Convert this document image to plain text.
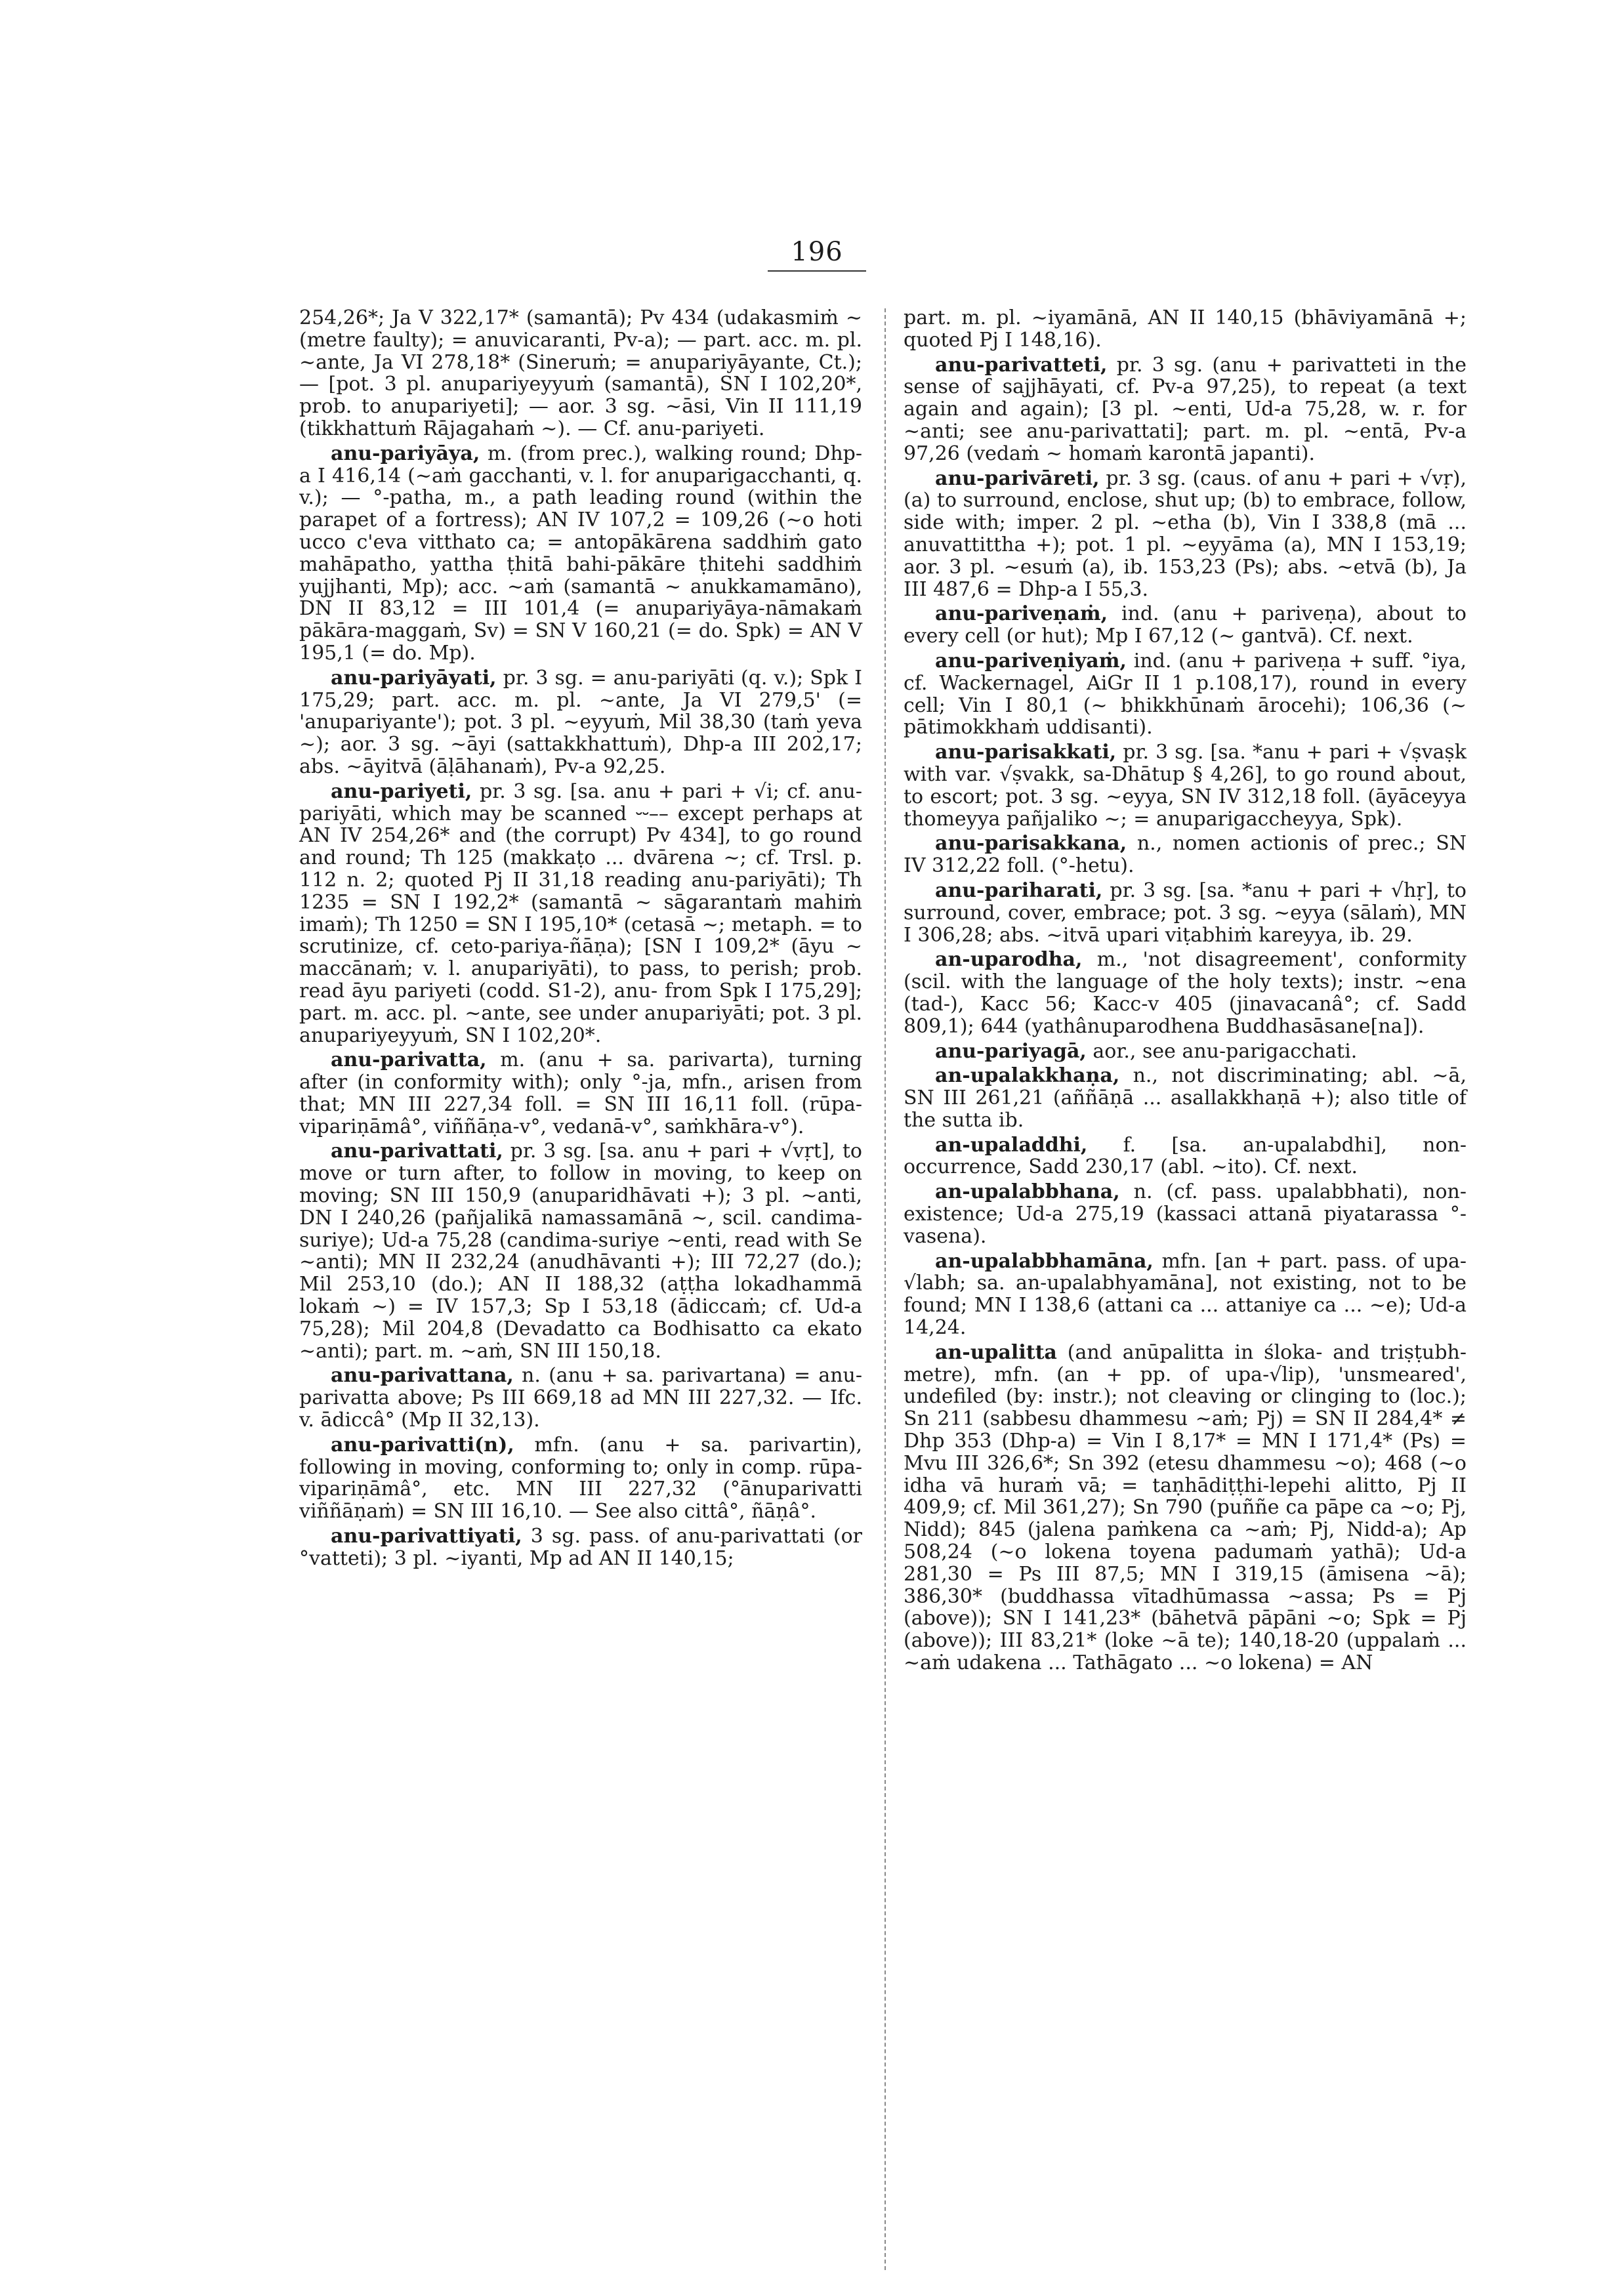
196

254,26*; Ja V 322,17* (samantā); Pv 434 (udakasmiṁ ~ (metre faulty); = anuvicaranti, Pv-a); — part. acc. m. pl. ~ante, Ja VI 278,18* (Sineruṁ; = anupariyāyante, Ct.); — [pot. 3 pl. anupariyeyyuṁ (samantā), SN I 102,20*, prob. to anupariyeti]; — aor. 3 sg. ~āsi, Vin II 111,19 (tikkhattuṁ Rājagahaṁ ~). — Cf. anu-pariyeti.

anu-pariyāya, m. (from prec.), walking round; Dhp-a I 416,14 (~aṁ gacchanti, v. l. for anuparigacchanti, q. v.); — °-patha, m., a path leading round (within the parapet of a fortress); AN IV 107,2 = 109,26 (~o hoti ucco c'eva vitthato ca; = antopākārena saddhiṁ gato mahāpatho, yattha ṭhitā bahi-pākāre ṭhitehi saddhiṁ yujjhanti, Mp); acc. ~aṁ (samantā ~ anukkamamāno), DN II 83,12 = III 101,4 (= anupariyāya-nāmakaṁ pākāra-maggaṁ, Sv) = SN V 160,21 (= do. Spk) = AN V 195,1 (= do. Mp).

anu-pariyāyati, pr. 3 sg. = anu-pariyāti (q. v.); Spk I 175,29; part. acc. m. pl. ~ante, Ja VI 279,5' (= 'anupariyante'); pot. 3 pl. ~eyyuṁ, Mil 38,30 (taṁ yeva ~); aor. 3 sg. ~āyi (sattakkhattuṁ), Dhp-a III 202,17; abs. ~āyitvā (āḷāhanaṁ), Pv-a 92,25.

anu-pariyeti, pr. 3 sg. [sa. anu + pari + √i; cf. anu-pariyāti, which may be scanned ⏑⏑–– except perhaps at AN IV 254,26* and (the corrupt) Pv 434], to go round and round; Th 125 (makkaṭo ... dvārena ~; cf. Trsl. p. 112 n. 2; quoted Pj II 31,18 reading anu-pariyāti); Th 1235 = SN I 192,2* (samantā ~ sāgarantaṁ mahiṁ imaṁ); Th 1250 = SN I 195,10* (cetasā ~; metaph. = to scrutinize, cf. ceto-pariya-ñāṇa); [SN I 109,2* (āyu ~ maccānaṁ; v. l. anupariyāti), to pass, to perish; prob. read āyu pariyeti (codd. S1-2), anu- from Spk I 175,29]; part. m. acc. pl. ~ante, see under anupariyāti; pot. 3 pl. anupariyeyyuṁ, SN I 102,20*.

anu-parivatta, m. (anu + sa. parivarta), turning after (in conformity with); only °-ja, mfn., arisen from that; MN III 227,34 foll. = SN III 16,11 foll. (rūpa-vipariṇāmâ°, viññāṇa-v°, vedanā-v°, saṁkhāra-v°).

anu-parivattati, pr. 3 sg. [sa. anu + pari + √vṛt], to move or turn after, to follow in moving, to keep on moving; SN III 150,9 (anuparidhāvati +); 3 pl. ~anti, DN I 240,26 (pañjalikā namassamānā ~, scil. candima-suriye); Ud-a 75,28 (candima-suriye ~enti, read with Se ~anti); MN II 232,24 (anudhāvanti +); III 72,27 (do.); Mil 253,10 (do.); AN II 188,32 (aṭṭha lokadhammā lokaṁ ~) = IV 157,3; Sp I 53,18 (ādiccaṁ; cf. Ud-a 75,28); Mil 204,8 (Devadatto ca Bodhisatto ca ekato ~anti); part. m. ~aṁ, SN III 150,18.

anu-parivattana, n. (anu + sa. parivartana) = anu-parivatta above; Ps III 669,18 ad MN III 227,32. — Ifc. v. ādiccâ° (Mp II 32,13).

anu-parivatti(n), mfn. (anu + sa. parivartin), following in moving, conforming to; only in comp. rūpa-vipariṇāmâ°, etc. MN III 227,32 (°ānuparivatti viññāṇaṁ) = SN III 16,10. — See also cittâ°, ñāṇâ°.

anu-parivattiyati, 3 sg. pass. of anu-parivattati (or °vatteti); 3 pl. ~iyanti, Mp ad AN II 140,15;

part. m. pl. ~iyamānā, AN II 140,15 (bhāviyamānā +; quoted Pj I 148,16).

anu-parivatteti, pr. 3 sg. (anu + parivatteti in the sense of sajjhāyati, cf. Pv-a 97,25), to repeat (a text again and again); [3 pl. ~enti, Ud-a 75,28, w. r. for ~anti; see anu-parivattati]; part. m. pl. ~entā, Pv-a 97,26 (vedaṁ ~ homaṁ karontā japanti).

anu-parivāreti, pr. 3 sg. (caus. of anu + pari + √vṛ), (a) to surround, enclose, shut up; (b) to embrace, follow, side with; imper. 2 pl. ~etha (b), Vin I 338,8 (mā ... anuvattittha +); pot. 1 pl. ~eyyāma (a), MN I 153,19; aor. 3 pl. ~esuṁ (a), ib. 153,23 (Ps); abs. ~etvā (b), Ja III 487,6 = Dhp-a I 55,3.

anu-pariveṇaṁ, ind. (anu + pariveṇa), about to every cell (or hut); Mp I 67,12 (~ gantvā). Cf. next.

anu-pariveṇiyaṁ, ind. (anu + pariveṇa + suff. °iya, cf. Wackernagel, AiGr II 1 p.108,17), round in every cell; Vin I 80,1 (~ bhikkhūnaṁ ārocehi); 106,36 (~ pātimokkhaṁ uddisanti).

anu-parisakkati, pr. 3 sg. [sa. *anu + pari + √ṣvaṣk with var. √ṣvakk, sa-Dhātup § 4,26], to go round about, to escort; pot. 3 sg. ~eyya, SN IV 312,18 foll. (āyāceyya thomeyya pañjaliko ~; = anuparigaccheyya, Spk).

anu-parisakkana, n., nomen actionis of prec.; SN IV 312,22 foll. (°-hetu).

anu-pariharati, pr. 3 sg. [sa. *anu + pari + √hṛ], to surround, cover, embrace; pot. 3 sg. ~eyya (sālaṁ), MN I 306,28; abs. ~itvā upari viṭabhiṁ kareyya, ib. 29.

an-uparodha, m., 'not disagreement', conformity (scil. with the language of the holy texts); instr. ~ena (tad-), Kacc 56; Kacc-v 405 (jinavacanâ°; cf. Sadd 809,1); 644 (yathânuparodhena Buddhasāsane[na]).

anu-pariyagā, aor., see anu-parigacchati.

an-upalakkhaṇa, n., not discriminating; abl. ~ā, SN III 261,21 (aññāṇā ... asallakkhaṇā +); also title of the sutta ib.

an-upaladdhi, f. [sa. an-upalabdhi], non-occurrence, Sadd 230,17 (abl. ~ito). Cf. next.

an-upalabbhana, n. (cf. pass. upalabbhati), non-existence; Ud-a 275,19 (kassaci attanā piyatarassa °-vasena).

an-upalabbhamāna, mfn. [an + part. pass. of upa-√labh; sa. an-upalabhyamāna], not existing, not to be found; MN I 138,6 (attani ca ... attaniye ca ... ~e); Ud-a 14,24.

an-upalitta (and anūpalitta in śloka- and triṣṭubh-metre), mfn. (an + pp. of upa-√lip), 'unsmeared', undefiled (by: instr.); not cleaving or clinging to (loc.); Sn 211 (sabbesu dhammesu ~aṁ; Pj) = SN II 284,4* ≠ Dhp 353 (Dhp-a) = Vin I 8,17* = MN I 171,4* (Ps) = Mvu III 326,6*; Sn 392 (etesu dhammesu ~o); 468 (~o idha vā huraṁ vā; = taṇhādiṭṭhi-lepehi alitto, Pj II 409,9; cf. Mil 361,27); Sn 790 (puññe ca pāpe ca ~o; Pj, Nidd); 845 (jalena paṁkena ca ~aṁ; Pj, Nidd-a); Ap 508,24 (~o lokena toyena padumaṁ yathā); Ud-a 281,30 = Ps III 87,5; MN I 319,15 (āmisena ~ā); 386,30* (buddhassa vītadhūmassa ~assa; Ps = Pj (above)); SN I 141,23* (bāhetvā pāpāni ~o; Spk = Pj (above)); III 83,21* (loke ~ā te); 140,18-20 (uppalaṁ ... ~aṁ udakena ... Tathāgato ... ~o lokena) = AN
